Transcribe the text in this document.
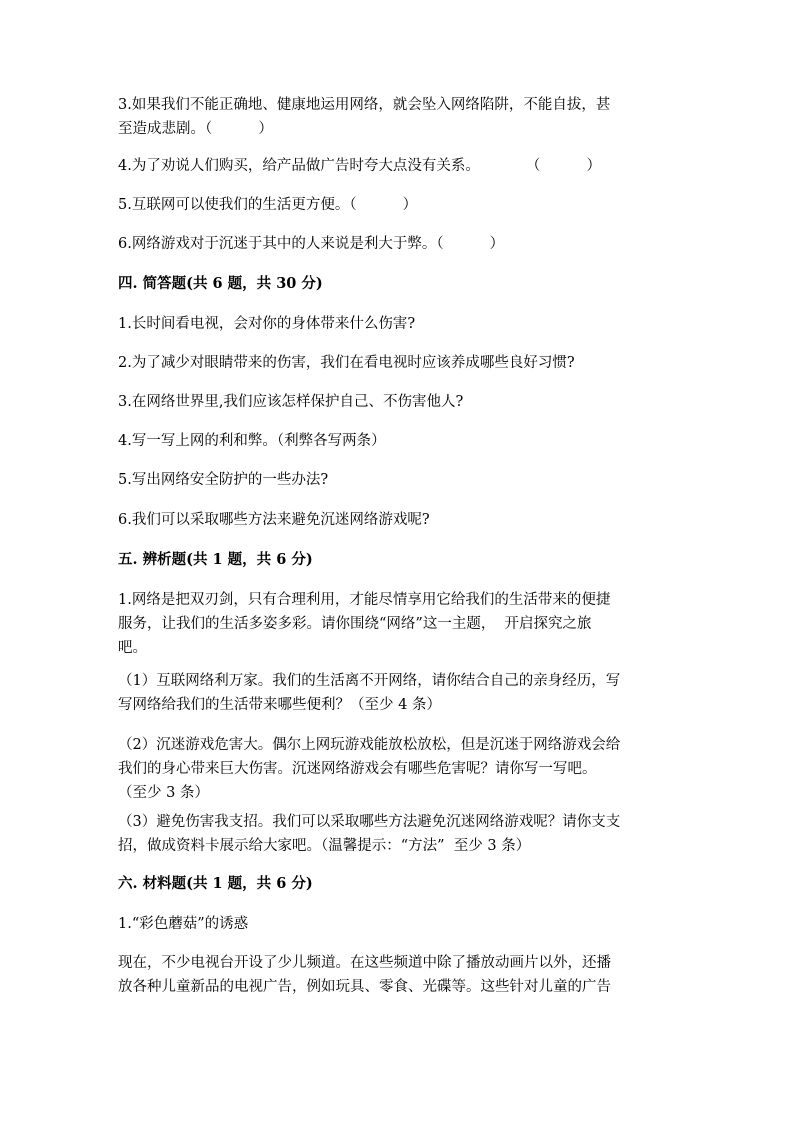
3.如果我们不能正确地、健康地运用网络，就会坠入网络陷阱，不能自拔，甚
至造成悲剧。（          ）
4.为了劝说人们购买，给产品做广告时夸大点没有关系。          （          ）
5.互联网可以使我们的生活更方便。（          ）
6.网络游戏对于沉迷于其中的人来说是利大于弊。（          ）
四. 简答题(共 6 题，共 30 分)
1.长时间看电视，会对你的身体带来什么伤害?
2.为了减少对眼睛带来的伤害，我们在看电视时应该养成哪些良好习惯?
3.在网络世界里,我们应该怎样保护自己、不伤害他人?
4.写一写上网的利和弊。（利弊各写两条）
5.写出网络安全防护的一些办法?
6.我们可以采取哪些方法来避免沉迷网络游戏呢?
五. 辨析题(共 1 题，共 6 分)
1.网络是把双刃剑，只有合理利用，才能尽情享用它给我们的生活带来的便捷
服务，让我们的生活多姿多彩。请你围绕“网络”这一主题，  开启探究之旅
吧。
（1）互联网络利万家。我们的生活离不开网络，请你结合自己的亲身经历，写
写网络给我们的生活带来哪些便利？（至少 4 条）
（2）沉迷游戏危害大。偶尔上网玩游戏能放松放松，但是沉迷于网络游戏会给
我们的身心带来巨大伤害。沉迷网络游戏会有哪些危害呢？请你写一写吧。
（至少 3 条）
（3）避免伤害我支招。我们可以采取哪些方法避免沉迷网络游戏呢？请你支支
招，做成资料卡展示给大家吧。（温馨提示：“方法”  至少 3 条）
六. 材料题(共 1 题，共 6 分)
1.“彩色蘑菇”的诱惑
现在，不少电视台开设了少儿频道。在这些频道中除了播放动画片以外，还播
放各种儿童新品的电视广告，例如玩具、零食、光碟等。这些针对儿童的广告
